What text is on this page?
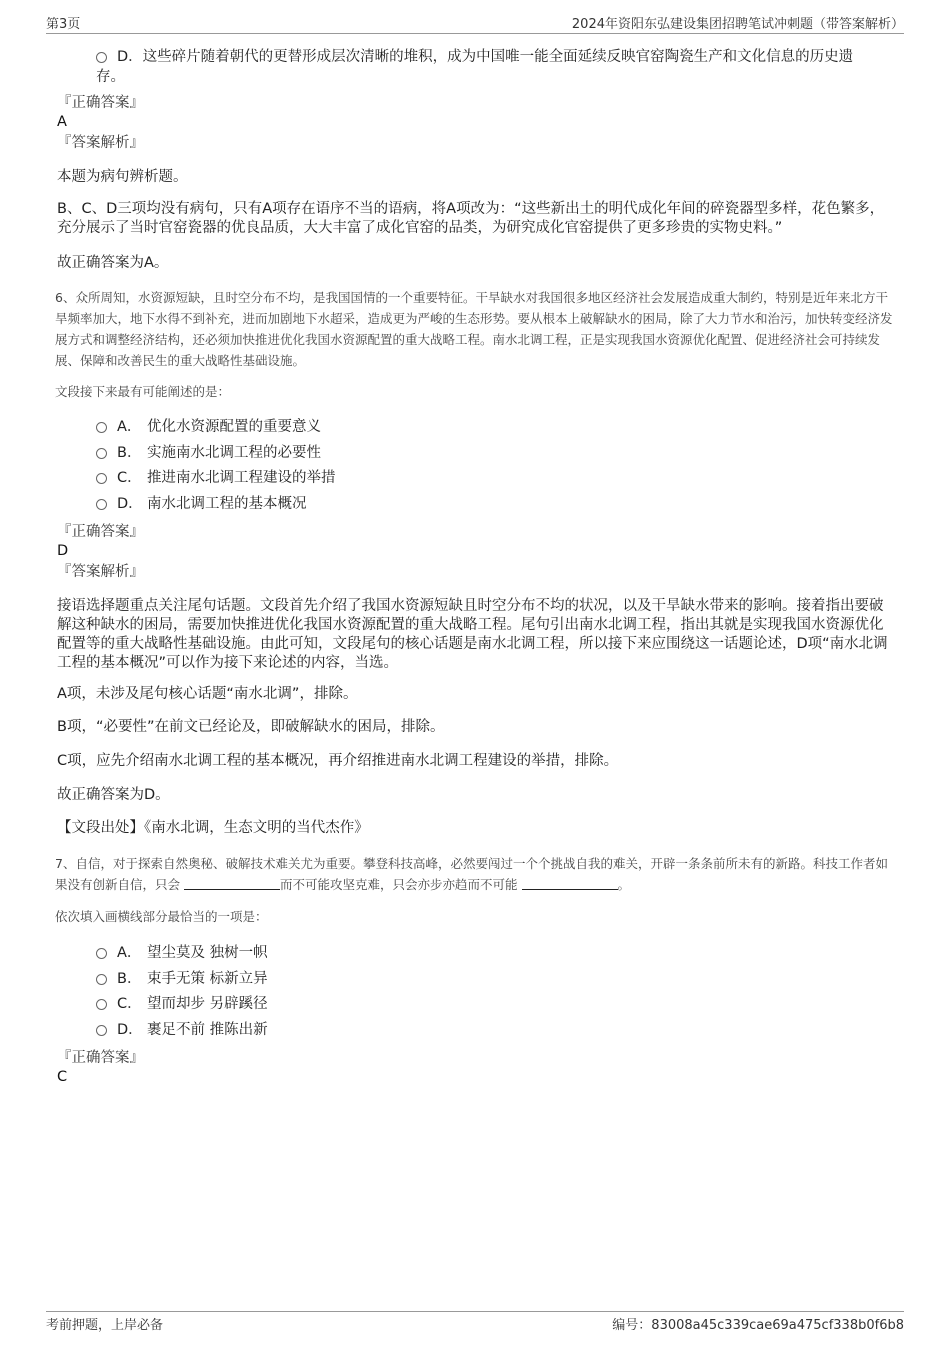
第3页	2024年资阳东弘建设集团招聘笔试冲刺题（带答案解析）
D．这些碎片随着朝代的更替形成层次清晰的堆积，成为中国唯一能全面延续反映官窑陶瓷生产和文化信息的历史遗
存。
『正确答案』
A
『答案解析』
本题为病句辨析题。
B、C、D三项均没有病句，只有A项存在语序不当的语病，将A项改为：“这些新出土的明代成化年间的碎瓷器型多样，花色繁多，充分展示了当时官窑瓷器的优良品质，大大丰富了成化官窑的品类，为研究成化官窑提供了更多珍贵的实物史料。”
故正确答案为A。
6、众所周知，水资源短缺，且时空分布不均，是我国国情的一个重要特征。干旱缺水对我国很多地区经济社会发展造成重大制约，特别是近年来北方干旱频率加大，地下水得不到补充，进而加剧地下水超采，造成更为严峻的生态形势。要从根本上破解缺水的困局，除了大力节水和治污，加快转变经济发展方式和调整经济结构，还必须加快推进优化我国水资源配置的重大战略工程。南水北调工程，正是实现我国水资源优化配置、促进经济社会可持续发展、保障和改善民生的重大战略性基础设施。
文段接下来最有可能阐述的是：
A． 优化水资源配置的重要意义
B． 实施南水北调工程的必要性
C． 推进南水北调工程建设的举措
D． 南水北调工程的基本概况
『正确答案』
D
『答案解析』
接语选择题重点关注尾句话题。文段首先介绍了我国水资源短缺且时空分布不均的状况，以及干旱缺水带来的影响。接着指出要破解这种缺水的困局，需要加快推进优化我国水资源配置的重大战略工程。尾句引出南水北调工程，指出其就是实现我国水资源优化配置等的重大战略性基础设施。由此可知，文段尾句的核心话题是南水北调工程，所以接下来应围绕这一话题论述，D项“南水北调工程的基本概况”可以作为接下来论述的内容，当选。
A项，未涉及尾句核心话题“南水北调”，排除。
B项，“必要性”在前文已经论及，即破解缺水的困局，排除。
C项，应先介绍南水北调工程的基本概况，再介绍推进南水北调工程建设的举措，排除。
故正确答案为D。
【文段出处】《南水北调，生态文明的当代杰作》
7、自信，对于探索自然奥秘、破解技术难关尤为重要。攀登科技高峰，必然要闯过一个个挑战自我的难关，开辟一条条前所未有的新路。科技工作者如果没有创新自信，只会	而不可能攻坚克难，只会亦步亦趋而不可能	。
依次填入画横线部分最恰当的一项是：
A． 望尘莫及 独树一帜
B． 束手无策 标新立异
C． 望而却步 另辟蹊径
D． 裹足不前 推陈出新
『正确答案』
C
考前押题，上岸必备	编号：83008a45c339cae69a475cf338b0f6b8
